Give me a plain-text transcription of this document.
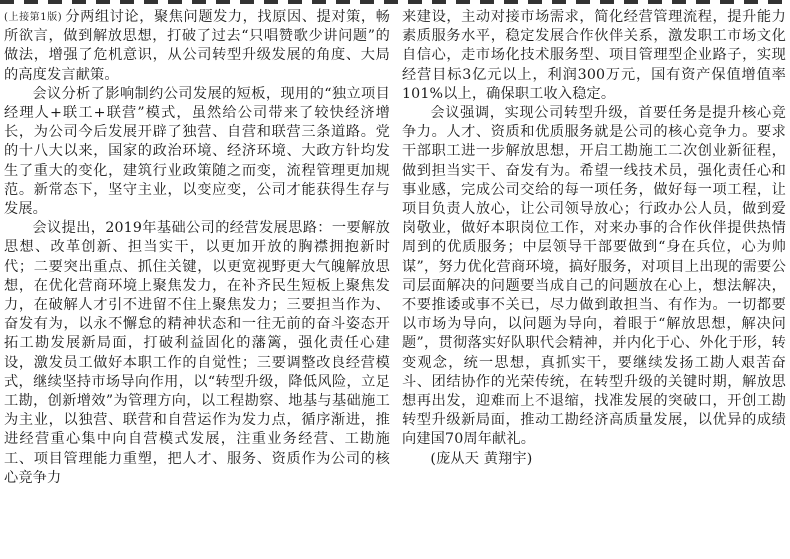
(上接第1版) 分两组讨论，聚焦问题发力，找原因、提对策，畅所欲言，做到解放思想，打破了过去“只唱赞歌少讲问题”的做法，增强了危机意识，从公司转型升级发展的角度、大局的高度发言献策。

会议分析了影响制约公司发展的短板，现用的“独立项目经理人+联工+联营”模式，虽然给公司带来了较快经济增长，为公司今后发展开辟了独营、自营和联营三条道路。党的十八大以来，国家的政治环境、经济环境、大政方针均发生了重大的变化，建筑行业政策随之而变，流程管理更加规范。新常态下，坚守主业，以变应变，公司才能获得生存与发展。

会议提出，2019年基础公司的经营发展思路：一要解放思想、改革创新、担当实干，以更加开放的胸襟拥抱新时代；二要突出重点、抓住关键，以更宽视野更大气魄解放思想，在优化营商环境上聚焦发力，在补齐民生短板上聚焦发力，在破解人才引不进留不住上聚焦发力；三要担当作为、奋发有为，以永不懈怠的精神状态和一往无前的奋斗姿态开拓工勘发展新局面，打破利益固化的藩篱，强化责任心建设，激发员工做好本职工作的自觉性；三要调整改良经营模式，继续坚持市场导向作用，以“转型升级，降低风险，立足工勘，创新增效”为管理方向，以工程勘察、地基与基础施工为主业，以独营、联营和自营运作为发力点，循序渐进，推进经营重心集中向自营模式发展，注重业务经营、工勘施工、项目管理能力重塑，把人才、服务、资质作为公司的核心竞争力

来建设，主动对接市场需求，简化经营管理流程，提升能力素质服务水平，稳定发展合作伙伴关系，激发职工市场文化自信心，走市场化技术服务型、项目管理型企业路子，实现经营目标3亿元以上，利润300万元，国有资产保值增值率101%以上，确保职工收入稳定。

会议强调，实现公司转型升级，首要任务是提升核心竞争力。人才、资质和优质服务就是公司的核心竞争力。要求干部职工进一步解放思想，开启工勘施工二次创业新征程，做到担当实干、奋发有为。希望一线技术员，强化责任心和事业感，完成公司交给的每一项任务，做好每一项工程，让项目负责人放心，让公司领导放心；行政办公人员，做到爱岗敬业，做好本职岗位工作，对来办事的合作伙伴提供热情周到的优质服务；中层领导干部要做到“身在兵位，心为帅谋”，努力优化营商环境，搞好服务，对项目上出现的需要公司层面解决的问题要当成自己的问题放在心上，想法解决，不要推诿或事不关已，尽力做到敢担当、有作为。一切都要以市场为导向，以问题为导向，着眼于“解放思想，解决问题”，贯彻落实好队职代会精神，并内化于心、外化于形，转变观念，统一思想，真抓实干，要继续发扬工勘人艰苦奋斗、团结协作的光荣传统，在转型升级的关键时期，解放思想再出发，迎难而上不退缩，找准发展的突破口，开创工勘转型升级新局面，推动工勘经济高质量发展，以优异的成绩向建国70周年献礼。

(庞从天 黄翔宇)
